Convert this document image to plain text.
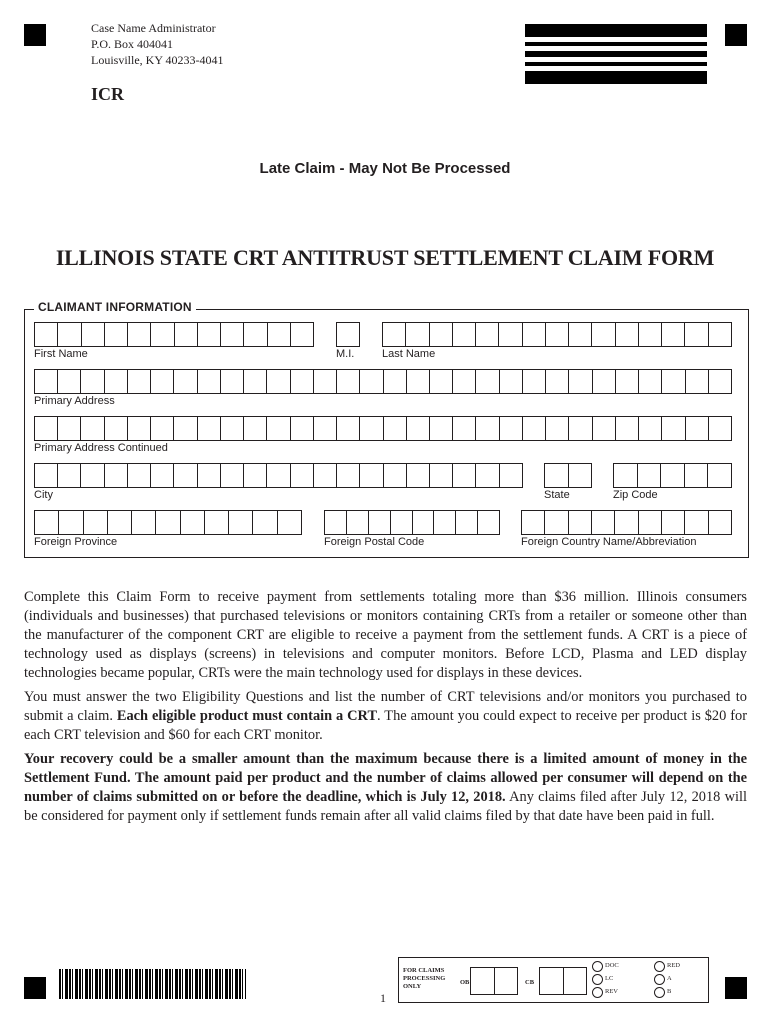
Case Name Administrator
P.O. Box 404041
Louisville, KY 40233-4041
ICR
Late Claim - May Not Be Processed
ILLINOIS STATE CRT ANTITRUST SETTLEMENT CLAIM FORM
CLAIMANT INFORMATION
First Name	M.I.	Last Name
Primary Address
Primary Address Continued
City	State	Zip Code
Foreign Province	Foreign Postal Code	Foreign Country Name/Abbreviation

Complete this Claim Form to receive payment from settlements totaling more than $36 million. Illinois consumers (individuals and businesses) that purchased televisions or monitors containing CRTs from a retailer or someone other than the manufacturer of the component CRT are eligible to receive a payment from the settlement funds. A CRT is a piece of technology used as displays (screens) in televisions and computer monitors. Before LCD, Plasma and LED display technologies became popular, CRTs were the main technology used for displays in these devices.

You must answer the two Eligibility Questions and list the number of CRT televisions and/or monitors you purchased to submit a claim. Each eligible product must contain a CRT. The amount you could expect to receive per product is $20 for each CRT television and $60 for each CRT monitor.

Your recovery could be a smaller amount than the maximum because there is a limited amount of money in the Settlement Fund. The amount paid per product and the number of claims allowed per consumer will depend on the number of claims submitted on or before the deadline, which is July 12, 2018. Any claims filed after July 12, 2018 will be considered for payment only if settlement funds remain after all valid claims filed by that date have been paid in full.

1
FOR CLAIMS
PROCESSING
ONLY
OB	CB
DOC
LC
REV
RED
A
B
